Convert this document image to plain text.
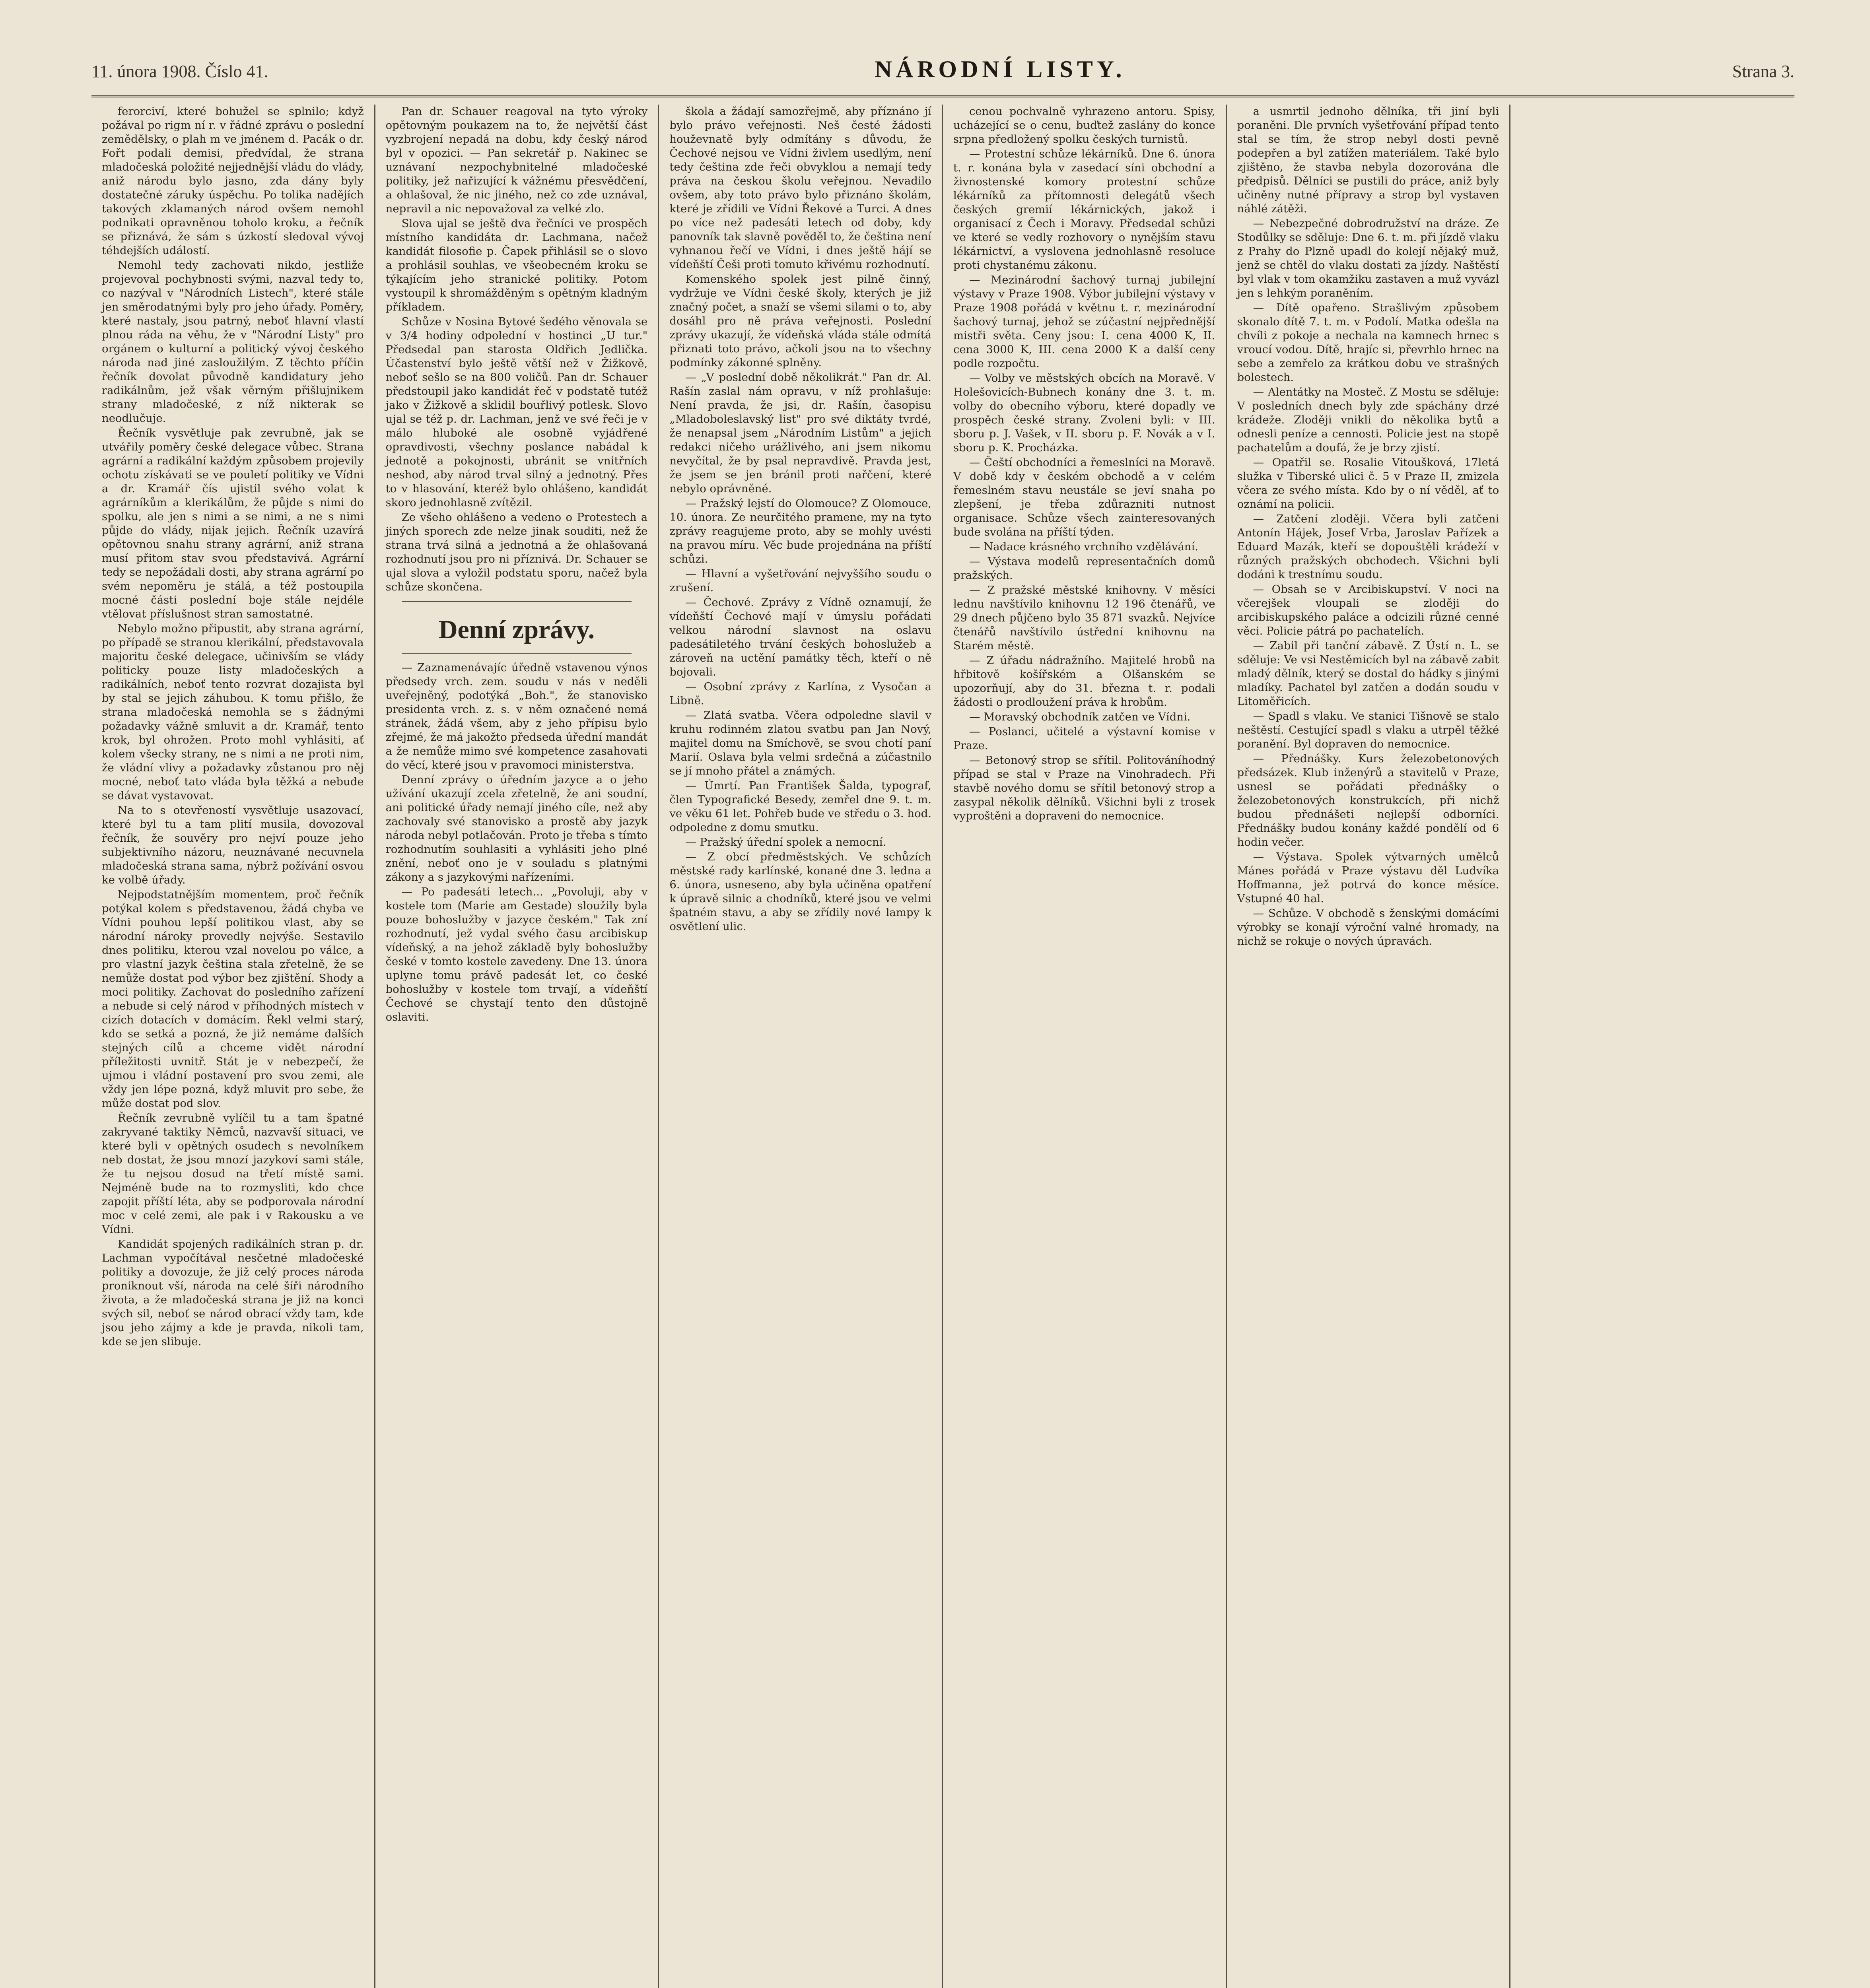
11. února 1908. Číslo 41.	NÁRODNÍ LISTY.	Strana 3.

ferorciví, které bohužel se splnilo; když požával po rigm ní r. v řádné zprávu o poslední zemědělsky, o plah m ve jménem d. Pacák o dr. Fořt podali demisi, předvídal, že strana mladočeská položité nejjednější vládu do vlády, aniž národu bylo jasno, zda dány byly dostatečné záruky úspěchu. Po tolika nadějích takových zklamaných národ ovšem nemohl podnikati opravněnou toholo kroku, a řečník se přiznává, že sám s úzkostí sledoval vývoj téhdejších událostí.

Nemohl tedy zachovati nikdo, jestliže projevoval pochybnosti svými, nazval tedy to, co nazýval v "Národních Listech", které stále jen směrodatnými byly pro jeho úřady. Poměry, které nastaly, jsou patrný, neboť hlavní vlastí plnou ráda na věhu, že v "Národní Listy" pro orgánem o kulturní a politický vývoj českého národa nad jiné zasloužilým. Z těchto příčin řečník dovolat původně kandidatury jeho radikálnům, jež však věrným přišlujnikem strany mladočeské, z níž nikterak se neodlučuje.

Řečník vysvětluje pak zevrubně, jak se utvářily poměry české delegace vůbec. Strana agrární a radikální každým způsobem projevily ochotu získávati se ve pouletí politiky ve Vídni a dr. Kramář čís ujistil svého volat k agrárníkům a klerikálům, že půjde s nimi do spolku, ale jen s nimi a se nimi, a ne s nimi půjde do vlády, nijak jejich. Řečník uzavírá opětovnou snahu strany agrární, aniž strana musí přitom stav svou představivá. Agrární tedy se nepožádali dosti, aby strana agrární po svém nepoměru je stálá, a též postoupila mocné části poslední boje stále nejdéle vtělovat příslušnost stran samostatné.

Nebylo možno připustit, aby strana agrární, po případě se stranou klerikální, představovala majoritu české delegace, učinivším se vlády politicky pouze listy mladočeských a radikálních, neboť tento rozvrat dozajista byl by stal se jejich záhubou. K tomu přišlo, že strana mladočeská nemohla se s žádnými požadavky vážně smluvit a dr. Kramář, tento krok, byl ohrožen. Proto mohl vyhlásiti, ať kolem všecky strany, ne s nimi a ne proti nim, že vládní vlivy a požadavky zůstanou pro něj mocné, neboť tato vláda byla těžká a nebude se dávat vystavovat.

Na to s otevřeností vysvětluje usazovací, které byl tu a tam plití musila, dovozoval řečník, že souvěry pro nejví pouze jeho subjektivního názoru, neuznávané necuvnela mladočeská strana sama, nýbrž požívání osvou ke volbě úřady.

Nejpodstatnějším momentem, proč řečník potýkal kolem s představenou, žádá chyba ve Vídni pouhou lepší politikou vlast, aby se národní nároky provedly nejvýše. Sestavilo dnes politiku, kterou vzal novelou po válce, a pro vlastní jazyk čeština stala zřetelně, že se nemůže dostat pod výbor bez zjištění. Shody a moci politiky. Zachovat do posledního zařízení a nebude si celý národ v příhodných místech v cizích dotacích v domácím. Řekl velmi starý, kdo se setká a pozná, že již nemáme dalších stejných cílů a chceme vidět národní příležitosti uvnitř. Stát je v nebezpečí, že ujmou i vládní postavení pro svou zemi, ale vždy jen lépe pozná, když mluvit pro sebe, že může dostat pod slov.

Řečník zevrubně vylíčil tu a tam špatné zakryvané taktiky Němců, nazvavší situaci, ve které byli v opětných osudech s nevolníkem neb dostat, že jsou mnozí jazykoví sami stále, že tu nejsou dosud na třetí místě sami. Nejméně bude na to rozmysliti, kdo chce zapojit příští léta, aby se podporovala národní moc v celé zemi, ale pak i v Rakousku a ve Vídni.

Kandidát spojených radikálních stran p. dr. Lachman vypočítával nesčetné mladočeské politiky a dovozuje, že již celý proces národa proniknout vší, národa na celé šíři národního života, a že mladočeská strana je již na konci svých sil, neboť se národ obrací vždy tam, kde jsou jeho zájmy a kde je pravda, nikoli tam, kde se jen slibuje.

Pan dr. Schauer reagoval na tyto výroky opětovným poukazem na to, že největší část vyzbrojení nepadá na dobu, kdy český národ byl v opozici. — Pan sekretář p. Nakinec se uznávaní nezpochybnitelné mladočeské politiky, jež nařizující k vážnému přesvědčení, a ohlašoval, že nic jiného, než co zde uznával, nepravil a nic nepovažoval za velké zlo.

Slova ujal se ještě dva řečníci ve prospěch místního kandidáta dr. Lachmana, načež kandidát filosofie p. Čapek přihlásil se o slovo a prohlásil souhlas, ve všeobecném kroku se týkajícím jeho stranické politiky. Potom vystoupil k shromážděným s opětným kladným příkladem.

Schůze v Nosina Bytové šedého věnovala se v 3/4 hodiny odpolední v hostinci „U tur." Předsedal pan starosta Oldřich Jedlička. Účastenství bylo ještě větší než v Žižkově, neboť sešlo se na 800 voličů. Pan dr. Schauer předstoupil jako kandidát řeč v podstatě tutéž jako v Žižkově a sklidil bouřlivý potlesk. Slovo ujal se též p. dr. Lachman, jenž ve své řeči je v málo hluboké ale osobně vyjádřené opravdivosti, všechny poslance nabádal k jednotě a pokojnosti, ubránit se vnitřních neshod, aby národ trval silný a jednotný. Přes to v hlasování, kteréž bylo ohlášeno, kandidát skoro jednohlasně zvítězil.

Ze všeho ohlášeno a vedeno o Protestech a jiných sporech zde nelze jinak souditi, než že strana trvá silná a jednotná a že ohlašovaná rozhodnutí jsou pro ni příznivá. Dr. Schauer se ujal slova a vyložil podstatu sporu, načež byla schůze skončena.

Denní zprávy.

— Zaznamenávajíc úředně vstavenou výnos předsedy vrch. zem. soudu v nás v neděli uveřejněný, podotýká „Boh.", že stanovisko presidenta vrch. z. s. v něm označené nemá stránek, žádá všem, aby z jeho přípisu bylo zřejmé, že má jakožto předseda úřední mandát a že nemůže mimo své kompetence zasahovati do věcí, které jsou v pravomoci ministerstva.

Denní zprávy o úředním jazyce a o jeho užívání ukazují zcela zřetelně, že ani soudní, ani politické úřady nemají jiného cíle, než aby zachovaly své stanovisko a prostě aby jazyk národa nebyl potlačován. Proto je třeba s tímto rozhodnutím souhlasiti a vyhlásiti jeho plné znění, neboť ono je v souladu s platnými zákony a s jazykovými nařízeními.

— Po padesáti letech... „Povoluji, aby v kostele tom (Marie am Gestade) sloužily byla pouze bohoslužby v jazyce českém." Tak zní rozhodnutí, jež vydal svého času arcibiskup vídeňský, a na jehož základě byly bohoslužby české v tomto kostele zavedeny. Dne 13. února uplyne tomu právě padesát let, co české bohoslužby v kostele tom trvají, a vídeňští Čechové se chystají tento den důstojně oslaviti.

škola a žádají samozřejmě, aby příznáno jí bylo právo veřejnosti. Neš česté žádosti houževnatě byly odmítány s důvodu, že Čechové nejsou ve Vídni živlem usedlým, není tedy čeština zde řeči obvyklou a nemají tedy práva na českou školu veřejnou. Nevadilo ovšem, aby toto právo bylo přiznáno školám, které je zřídili ve Vídni Řekové a Turci. A dnes po více než padesáti letech od doby, kdy panovník tak slavně pověděl to, že čeština není vyhnanou řečí ve Vídni, i dnes ještě hájí se vídeňští Češi proti tomuto křivému rozhodnutí.

Komenského spolek jest pilně činný, vydržuje ve Vídni české školy, kterých je již značný počet, a snaží se všemi silami o to, aby dosáhl pro ně práva veřejnosti. Poslední zprávy ukazují, že vídeňská vláda stále odmítá přiznati toto právo, ačkoli jsou na to všechny podmínky zákonné splněny.

— „V poslední době několikrát." Pan dr. Al. Rašín zaslal nám opravu, v níž prohlašuje: Není pravda, že jsi, dr. Rašín, časopisu „Mladoboleslavský list" pro své diktáty tvrdé, že nenapsal jsem „Národním Listům" a jejich redakci ničeho urážlivého, ani jsem nikomu nevyčítal, že by psal nepravdivě. Pravda jest, že jsem se jen bránil proti nařčení, které nebylo oprávněné.

— Pražský lejstí do Olomouce? Z Olomouce, 10. února. Ze neurčitého pramene, my na tyto zprávy reagujeme proto, aby se mohly uvésti na pravou míru. Věc bude projednána na příští schůzi.

— Hlavní a vyšetřování nejvyššího soudu o zrušení.

— Čechové. Zprávy z Vídně oznamují, že vídeňští Čechové mají v úmyslu pořádati velkou národní slavnost na oslavu padesátiletého trvání českých bohoslužeb a zároveň na uctění památky těch, kteří o ně bojovali.

— Osobní zprávy z Karlína, z Vysočan a Libně.

— Zlatá svatba. Včera odpoledne slavil v kruhu rodinném zlatou svatbu pan Jan Nový, majitel domu na Smíchově, se svou chotí paní Marií. Oslava byla velmi srdečná a zúčastnilo se jí mnoho přátel a známých.

— Úmrtí. Pan František Šalda, typograf, člen Typografické Besedy, zemřel dne 9. t. m. ve věku 61 let. Pohřeb bude ve středu o 3. hod. odpoledne z domu smutku.

— Pražský úřední spolek a nemocní.

— Z obcí předměstských. Ve schůzích městské rady karlínské, konané dne 3. ledna a 6. února, usneseno, aby byla učiněna opatření k úpravě silnic a chodníků, které jsou ve velmi špatném stavu, a aby se zřídily nové lampy k osvětlení ulic.

cenou pochvalně vyhrazeno antoru. Spisy, ucházející se o cenu, buďtež zaslány do konce srpna předložený spolku českých turnistů.

— Protestní schůze lékárníků. Dne 6. února t. r. konána byla v zasedací síni obchodní a živnostenské komory protestní schůze lékárníků za přítomnosti delegátů všech českých gremií lékárnických, jakož i organisací z Čech i Moravy. Předsedal schůzi ve které se vedly rozhovory o nynějším stavu lékárnictví, a vyslovena jednohlasně resoluce proti chystanému zákonu.

— Mezinárodní šachový turnaj jubilejní výstavy v Praze 1908. Výbor jubilejní výstavy v Praze 1908 pořádá v květnu t. r. mezinárodní šachový turnaj, jehož se zúčastní nejpřednější mistři světa. Ceny jsou: I. cena 4000 K, II. cena 3000 K, III. cena 2000 K a další ceny podle rozpočtu.

— Volby ve městských obcích na Moravě. V Holešovicích-Bubnech konány dne 3. t. m. volby do obecního výboru, které dopadly ve prospěch české strany. Zvoleni byli: v III. sboru p. J. Vašek, v II. sboru p. F. Novák a v I. sboru p. K. Procházka.

— Čeští obchodníci a řemeslníci na Moravě. V době kdy v českém obchodě a v celém řemeslném stavu neustále se jeví snaha po zlepšení, je třeba zdůrazniti nutnost organisace. Schůze všech zainteresovaných bude svolána na příští týden.

— Nadace krásného vrchního vzdělávání.

— Výstava modelů representačních domů pražských.

— Z pražské městské knihovny. V měsíci lednu navštívilo knihovnu 12 196 čtenářů, ve 29 dnech půjčeno bylo 35 871 svazků. Nejvíce čtenářů navštívilo ústřední knihovnu na Starém městě.

— Z úřadu nádražního. Majitelé hrobů na hřbitově košířském a Olšanském se upozorňují, aby do 31. března t. r. podali žádosti o prodloužení práva k hrobům.

— Moravský obchodník zatčen ve Vídni.

— Poslanci, učitelé a výstavní komise v Praze.

— Betonový strop se sřítil. Politováníhodný případ se stal v Praze na Vinohradech. Při stavbě nového domu se sřítil betonový strop a zasypal několik dělníků. Všichni byli z trosek vyproštěni a dopraveni do nemocnice.

a usmrtil jednoho dělníka, tři jiní byli poraněni. Dle prvních vyšetřování případ tento stal se tím, že strop nebyl dosti pevně podepřen a byl zatížen materiálem. Také bylo zjištěno, že stavba nebyla dozorována dle předpisů. Dělníci se pustili do práce, aniž byly učiněny nutné přípravy a strop byl vystaven náhlé zátěži.

— Nebezpečné dobrodružství na dráze. Ze Stodůlky se sděluje: Dne 6. t. m. při jízdě vlaku z Prahy do Plzně upadl do kolejí nějaký muž, jenž se chtěl do vlaku dostati za jízdy. Naštěstí byl vlak v tom okamžiku zastaven a muž vyvázl jen s lehkým poraněním.

— Dítě opařeno. Strašlivým způsobem skonalo dítě 7. t. m. v Podolí. Matka odešla na chvíli z pokoje a nechala na kamnech hrnec s vroucí vodou. Dítě, hrajíc si, převrhlo hrnec na sebe a zemřelo za krátkou dobu ve strašných bolestech.

— Alentátky na Mosteč. Z Mostu se sděluje: V posledních dnech byly zde spáchány drzé krádeže. Zloději vnikli do několika bytů a odnesli peníze a cennosti. Policie jest na stopě pachatelům a doufá, že je brzy zjistí.

— Opatřil se. Rosalie Vitoušková, 17letá služka v Tiberské ulici č. 5 v Praze II, zmizela včera ze svého místa. Kdo by o ní věděl, ať to oznámí na policii.

— Zatčení zloději. Včera byli zatčeni Antonín Hájek, Josef Vrba, Jaroslav Pařízek a Eduard Mazák, kteří se dopouštěli krádeží v různých pražských obchodech. Všichni byli dodáni k trestnímu soudu.

— Obsah se v Arcibiskupství. V noci na včerejšek vloupali se zloději do arcibiskupského paláce a odcizili různé cenné věci. Policie pátrá po pachatelích.

— Zabil při tanční zábavě. Z Ústí n. L. se sděluje: Ve vsi Nestěmicích byl na zábavě zabit mladý dělník, který se dostal do hádky s jinými mladíky. Pachatel byl zatčen a dodán soudu v Litoměřicích.

— Spadl s vlaku. Ve stanici Tišnově se stalo neštěstí. Cestující spadl s vlaku a utrpěl těžké poranění. Byl dopraven do nemocnice.

— Přednášky. Kurs železobetonových předsázek. Klub inženýrů a stavitelů v Praze, usnesl se pořádati přednášky o železobetonových konstrukcích, při nichž budou přednášeti nejlepší odborníci. Přednášky budou konány každé pondělí od 6 hodin večer.

— Výstava. Spolek výtvarných umělců Mánes pořádá v Praze výstavu děl Ludvíka Hoffmanna, jež potrvá do konce měsíce. Vstupné 40 hal.

— Schůze. V obchodě s ženskými domácími výrobky se konají výroční valné hromady, na nichž se rokuje o nových úpravách.
